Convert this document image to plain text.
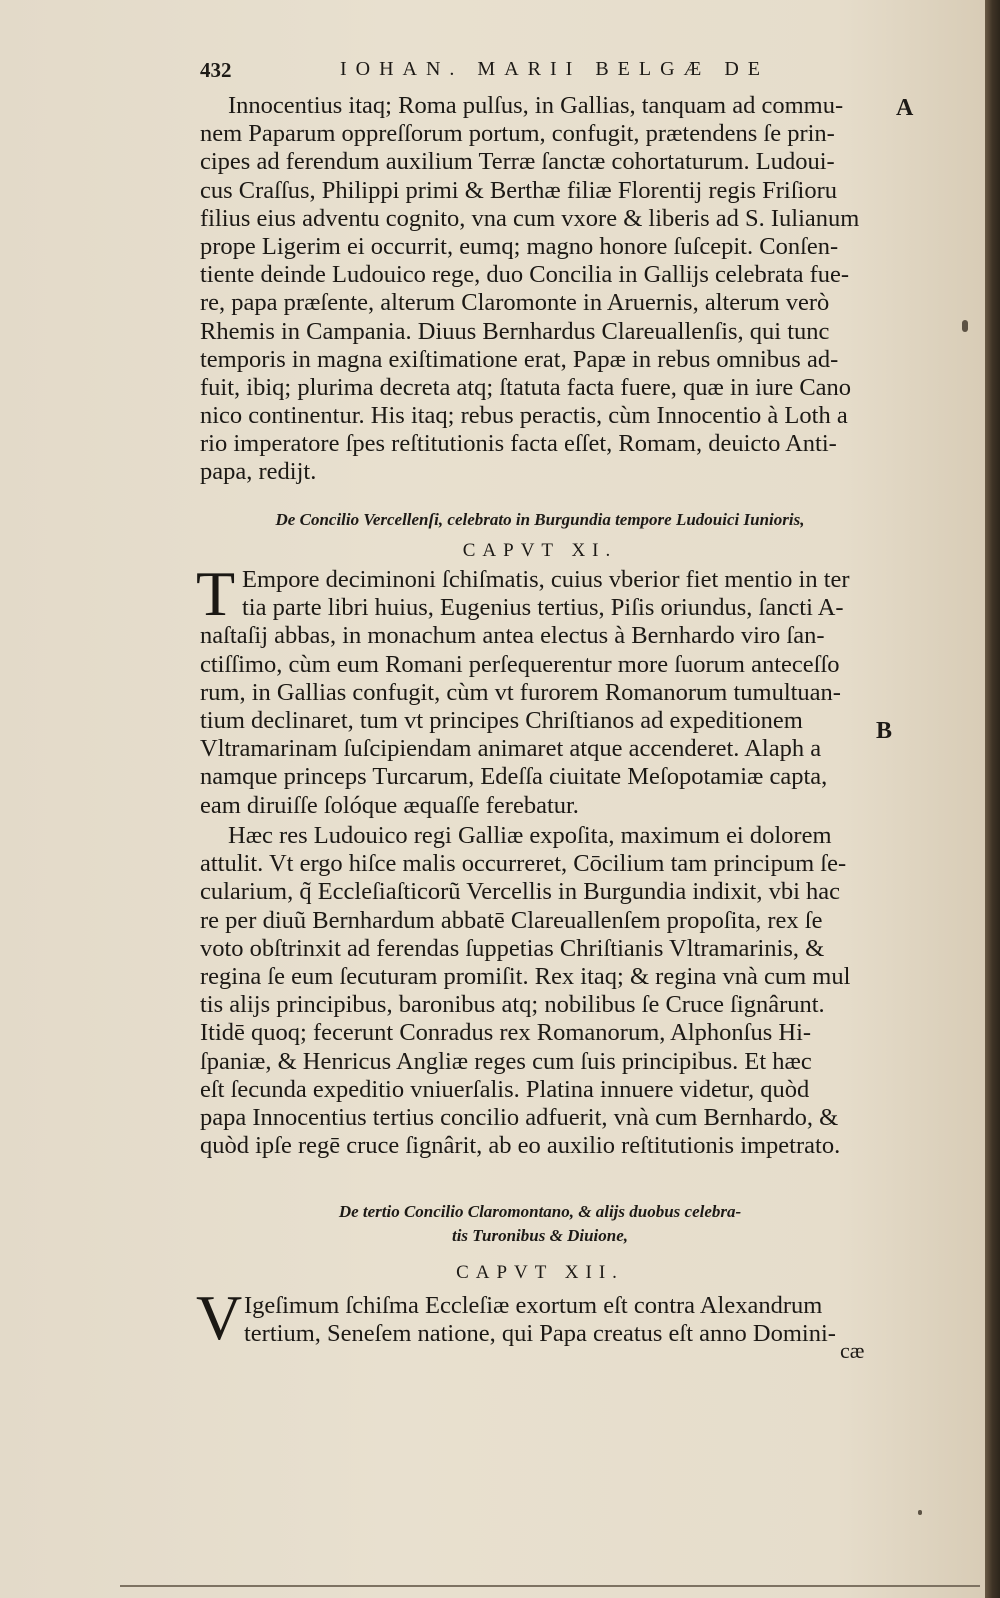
432	IOHAN. MARII BELGÆ DE
A
B
Innocentius itaq; Roma pulſus, in Gallias, tanquam ad commu-
nem Paparum oppreſſorum portum, confugit, prætendens ſe prin-
cipes ad ferendum auxilium Terræ ſanctæ cohortaturum. Ludoui-
cus Craſſus, Philippi primi & Berthæ filiæ Florentij regis Friſioru
filius eius adventu cognito, vna cum vxore & liberis ad S. Iulianum
prope Ligerim ei occurrit, eumq; magno honore ſuſcepit. Conſen-
tiente deinde Ludouico rege, duo Concilia in Gallijs celebrata fue-
re, papa præſente, alterum Claromonte in Aruernis, alterum verò
Rhemis in Campania. Diuus Bernhardus Clareuallenſis, qui tunc
temporis in magna exiſtimatione erat, Papæ in rebus omnibus ad-
fuit, ibiq; plurima decreta atq; ſtatuta facta fuere, quæ in iure Cano
nico continentur. His itaq; rebus peractis, cùm Innocentio à Loth a
rio imperatore ſpes reſtitutionis facta eſſet, Romam, deuicto Anti-
papa, redijt.
De Concilio Vercellenſi, celebrato in Burgundia tempore Ludouici Iunioris,
CAPVT XI.
T Empore deciminoni ſchiſmatis, cuius vberior fiet mentio in ter
tia parte libri huius, Eugenius tertius, Piſis oriundus, ſancti A-
naſtaſij abbas, in monachum antea electus à Bernhardo viro ſan-
ctiſſimo, cùm eum Romani perſequerentur more ſuorum anteceſſo
rum, in Gallias confugit, cùm vt furorem Romanorum tumultuan-
tium declinaret, tum vt principes Chriſtianos ad expeditionem
Vltramarinam ſuſcipiendam animaret atque accenderet. Alaph a
namque princeps Turcarum, Edeſſa ciuitate Meſopotamiæ capta,
eam diruiſſe ſolóque æquaſſe ferebatur.
Hæc res Ludouico regi Galliæ expoſita, maximum ei dolorem
attulit. Vt ergo hiſce malis occurreret, Cōcilium tam principum ſe-
cularium, q̃ Eccleſiaſticorũ Vercellis in Burgundia indixit, vbi hac
re per diuũ Bernhardum abbatē Clareuallenſem propoſita, rex ſe
voto obſtrinxit ad ferendas ſuppetias Chriſtianis Vltramarinis, &
regina ſe eum ſecuturam promiſit. Rex itaq; & regina vnà cum mul
tis alijs principibus, baronibus atq; nobilibus ſe Cruce ſignârunt.
Itidē quoq; fecerunt Conradus rex Romanorum, Alphonſus Hi-
ſpaniæ, & Henricus Angliæ reges cum ſuis principibus. Et hæc
eſt ſecunda expeditio vniuerſalis. Platina innuere videtur, quòd
papa Innocentius tertius concilio adfuerit, vnà cum Bernhardo, &
quòd ipſe regē cruce ſignârit, ab eo auxilio reſtitutionis impetrato.
De tertio Concilio Claromontano, & alijs duobus celebra-
tis Turonibus & Diuione,
CAPVT XII.
V Igeſimum ſchiſma Eccleſiæ exortum eſt contra Alexandrum
tertium, Seneſem natione, qui Papa creatus eſt anno Domini-
cæ
